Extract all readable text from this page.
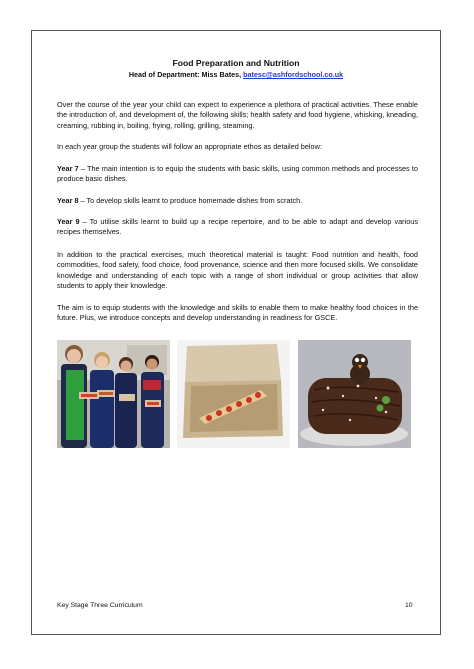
Food Preparation and Nutrition
Head of Department: Miss Bates, batesc@ashfordschool.co.uk

Over the course of the year your child can expect to experience a plethora of practical activities. These enable the introduction of, and development of, the following skills; health safety and food hygiene, whisking, kneading, creaming, rubbing in, boiling, frying, rolling, grilling, steaming.

In each year group the students will follow an appropriate ethos as detailed below:

Year 7 – The main intention is to equip the students with basic skills, using common methods and processes to produce basic dishes.

Year 8 – To develop skills learnt to produce homemade dishes from scratch.

Year 9 – To utilise skills learnt to build up a recipe repertoire, and to be able to adapt and develop various recipes themselves.

In addition to the practical exercises, much theoretical material is taught: Food nutrition and health, food commodities, food safety, food choice, food provenance, science and then more focused skills. We consolidate knowledge and understanding of each topic with a range of short individual or group activities that allow students to apply their knowledge.

The aim is to equip students with the knowledge and skills to enable them to make healthy food choices in the future. Plus, we introduce concepts and develop understanding in readiness for GSCE.

Key Stage Three Curriculum	10
